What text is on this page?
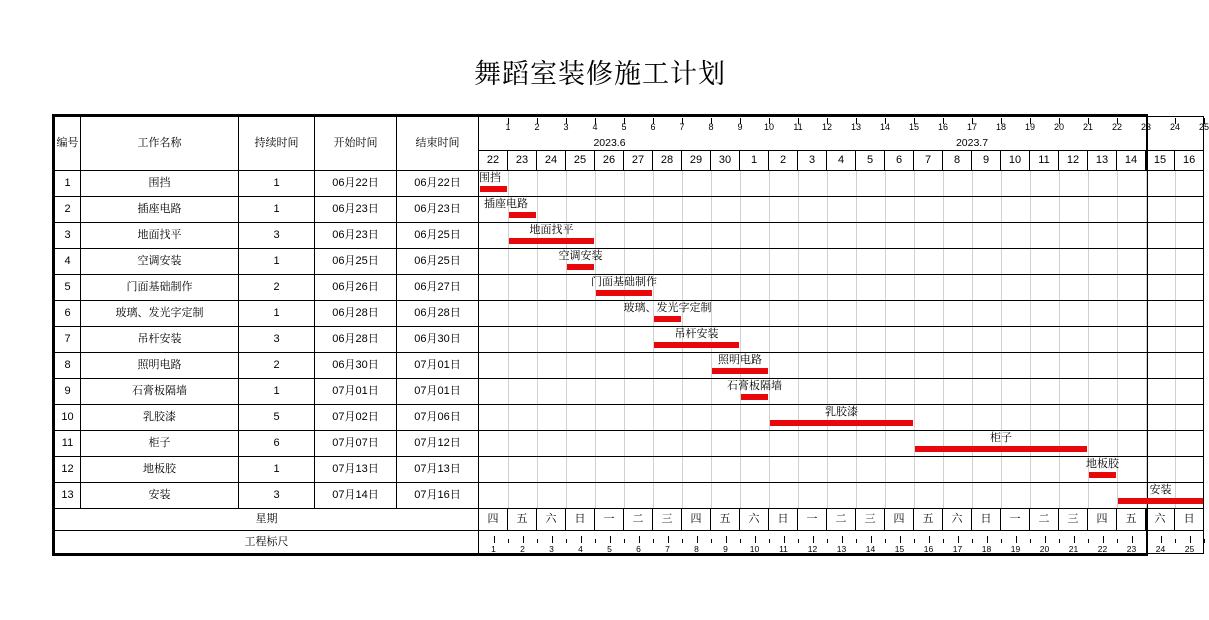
舞蹈室装修施工计划
编号	工作名称	持续时间	开始时间	结束时间	
1	2	3	4	5	6	7	8	9 10 11 12 13 14 15 16 17 18 19 20 21 22 23 24 25
2023.6	2023.7

					22	23	24	25	26	27	28	29	30	1	2	3	4	5	6	7	8	9	10	11	12	13	14	15	16
1	围挡	1	06月22日	06月22日	围挡																								

2	插座电路	1	06月23日	06月23日	插座电路																								

3	地面找平	3	06月23日	06月25日	地面找平																								

4	空调安装	1	06月25日	06月25日	空调安装																								

5	门面基础制作	2	06月26日	06月27日	门面基础制作																								

6	玻璃、发光字定制	1	06月28日	06月28日	玻璃、发光字定制																								

7	吊杆安装	3	06月28日	06月30日	吊杆安装																								

8	照明电路	2	06月30日	07月01日	照明电路																								

9	石膏板隔墙	1	07月01日	07月01日	石膏板隔墙																								

10	乳胶漆	5	07月02日	07月06日	乳胶漆																								

11	柜子	6	07月07日	07月12日	柜子																								

12	地板胶	1	07月13日	07月13日	地板胶																								

13	安装	3	07月14日	07月16日	安装																								

星期					四	五	六	日	一	二	三	四	五	六	日	一	二	三	四	五	六	日	一	二	三	四	五	六	日
工程标尺	
1	2	3	4	5	6	7	8	9	10 11 12 13 14 15 16 17 18 19 20 21 22 23 24 25
